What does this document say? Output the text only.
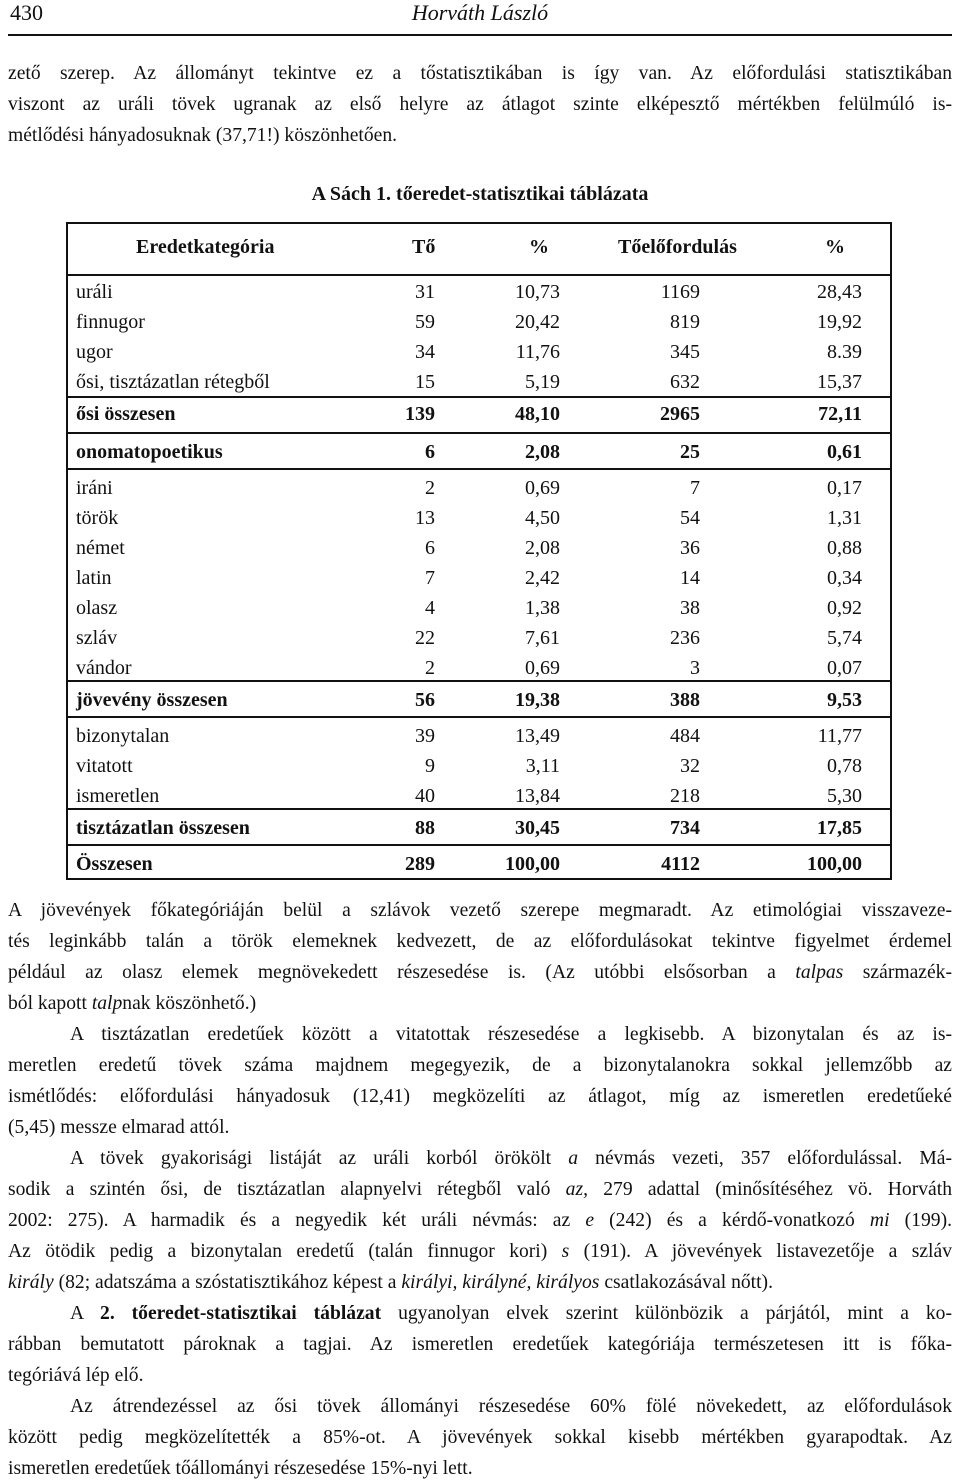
430	Horváth László
zető szerep. Az állományt tekintve ez a tőstatisztikában is így van. Az előfordulási statisztikában
viszont az uráli tövek ugranak az első helyre az átlagot szinte elképesztő mértékben felülmúló is-
métlődési hányadosuknak (37,71!) köszönhetően.
A Sách 1. tőeredet-statisztikai táblázata
Eredetkategória	Tő	%	Tőelőfordulás	%
uráli	31	10,73	1169	28,43
finnugor	59	20,42	819	19,92
ugor	34	11,76	345	8.39
ősi, tisztázatlan rétegből	15	5,19	632	15,37
ősi összesen	139	48,10	2965	72,11
onomatopoetikus	6	2,08	25	0,61
iráni	2	0,69	7	0,17
török	13	4,50	54	1,31
német	6	2,08	36	0,88
latin	7	2,42	14	0,34
olasz	4	1,38	38	0,92
szláv	22	7,61	236	5,74
vándor	2	0,69	3	0,07
jövevény összesen	56	19,38	388	9,53
bizonytalan	39	13,49	484	11,77
vitatott	9	3,11	32	0,78
ismeretlen	40	13,84	218	5,30
tisztázatlan összesen	88	30,45	734	17,85
Összesen	289	100,00	4112	100,00
A jövevények főkategóriáján belül a szlávok vezető szerepe megmaradt. Az etimológiai visszaveze-
tés leginkább talán a török elemeknek kedvezett, de az előfordulásokat tekintve figyelmet érdemel
például az olasz elemek megnövekedett részesedése is. (Az utóbbi elsősorban a talpas származék-
ból kapott talpnak köszönhető.)
A tisztázatlan eredetűek között a vitatottak részesedése a legkisebb. A bizonytalan és az is-
meretlen eredetű tövek száma majdnem megegyezik, de a bizonytalanokra sokkal jellemzőbb az
ismétlődés: előfordulási hányadosuk (12,41) megközelíti az átlagot, míg az ismeretlen eredetűeké
(5,45) messze elmarad attól.
A tövek gyakorisági listáját az uráli korból örökölt a névmás vezeti, 357 előfordulással. Má-
sodik a szintén ősi, de tisztázatlan alapnyelvi rétegből való az, 279 adattal (minősítéséhez vö. Horváth
2002: 275). A harmadik és a negyedik két uráli névmás: az e (242) és a kérdő-vonatkozó mi (199).
Az ötödik pedig a bizonytalan eredetű (talán finnugor kori) s (191). A jövevények listavezetője a szláv
király (82; adatszáma a szóstatisztikához képest a királyi, királyné, királyos csatlakozásával nőtt).
A 2. tőeredet-statisztikai táblázat ugyanolyan elvek szerint különbözik a párjától, mint a ko-
rábban bemutatott pároknak a tagjai. Az ismeretlen eredetűek kategóriája természetesen itt is főka-
tegóriává lép elő.
Az átrendezéssel az ősi tövek állományi részesedése 60% fölé növekedett, az előfordulások
között pedig megközelítették a 85%-ot. A jövevények sokkal kisebb mértékben gyarapodtak. Az
ismeretlen eredetűek tőállományi részesedése 15%-nyi lett.
